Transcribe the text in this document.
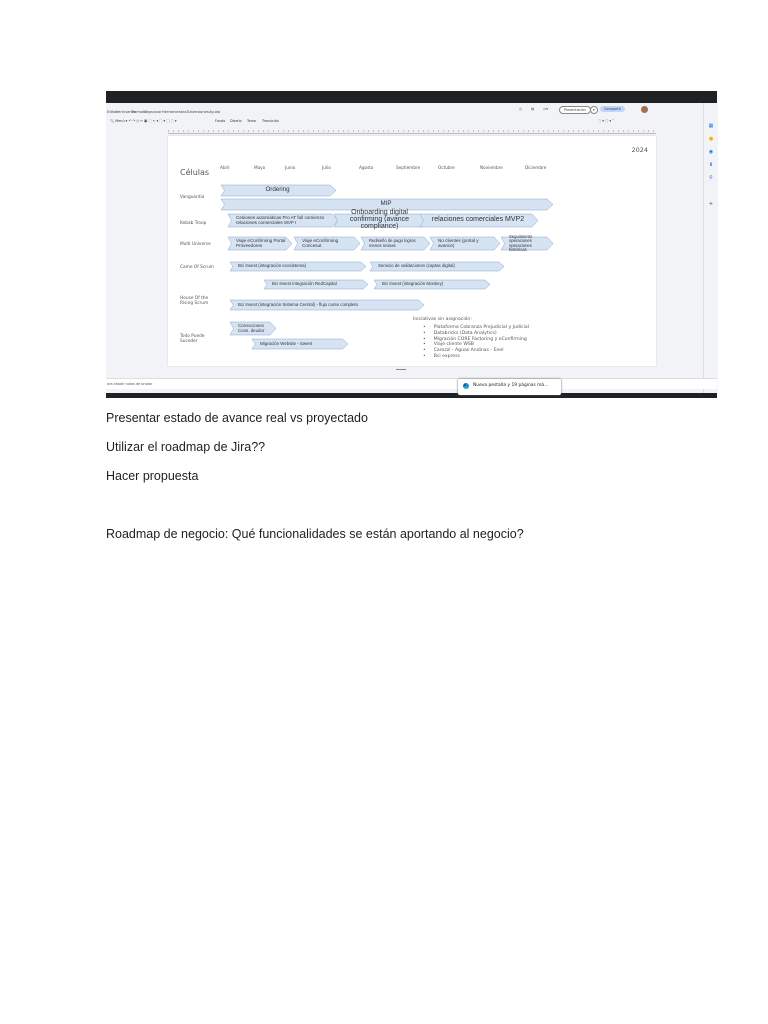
Editar
Ver Insertar
Formato
Organizar Herramientas Extensiones Ayuda
◷	▤	▭▾	Presentación	▾	Compartir
🔍 Menú ▾ ↶ ↷ ⎙ ✂ ▣ ⬚ ↖ ▾ ⬚ ▾ ⬚ ⬚ ▾	Fondo Diseño Tema Transición	⬚ ▾ ⬚ ▾ ˄
2024
Células
Abril	Mayo	Junio	Julio	Agosto	Septiembre	Octubre	Noviembre	Diciembre
Vanguardia
Kebab Troop
Multi Universe
Came Of Scrum
House Of the Rising Scrum
Todo Puede Suceder
Ordering
MIP
Cesiones automáticas Pro AT full comienzo relaciones comerciales MVP I
Onboarding digital confirming (avance compliance)
relaciones comerciales MVP2
Viaje eConfirming Portal Proveedores
Viaje eConfirming Concesut
Rediseño de pago logros menos reúnas
No clientes (portal y avance)
Seguimiento operaciones operaciones históricas
Bci Invest (integración ecosistema)	Servicio de validaciones (captas digital)
Bci Invest integración RedCapital	Bci Invest (integración Monkey)
Bci Invest (integración Sistema Central) - flujo curse completo
Correcciones Cons. deudor
Migración Website - Sweet
Iniciativas sin asignación:
• Plataforma Cobranza Prejudicial y Judicial
• Databricks (Data Analytics)
• Migración CORE Factoring y eConfirming
• Viaje cliente WSB
• Carozzi - Aguas Andinas - Enel
• Bci express
▦
●
◉
⬇
⚲
+
ara añadir notas de orador	Nueva pestaña y 19 páginas má...
Presentar estado de avance real vs proyectado
Utilizar el roadmap de Jira??
Hacer propuesta
Roadmap de negocio: Qué funcionalidades se están aportando al negocio?
